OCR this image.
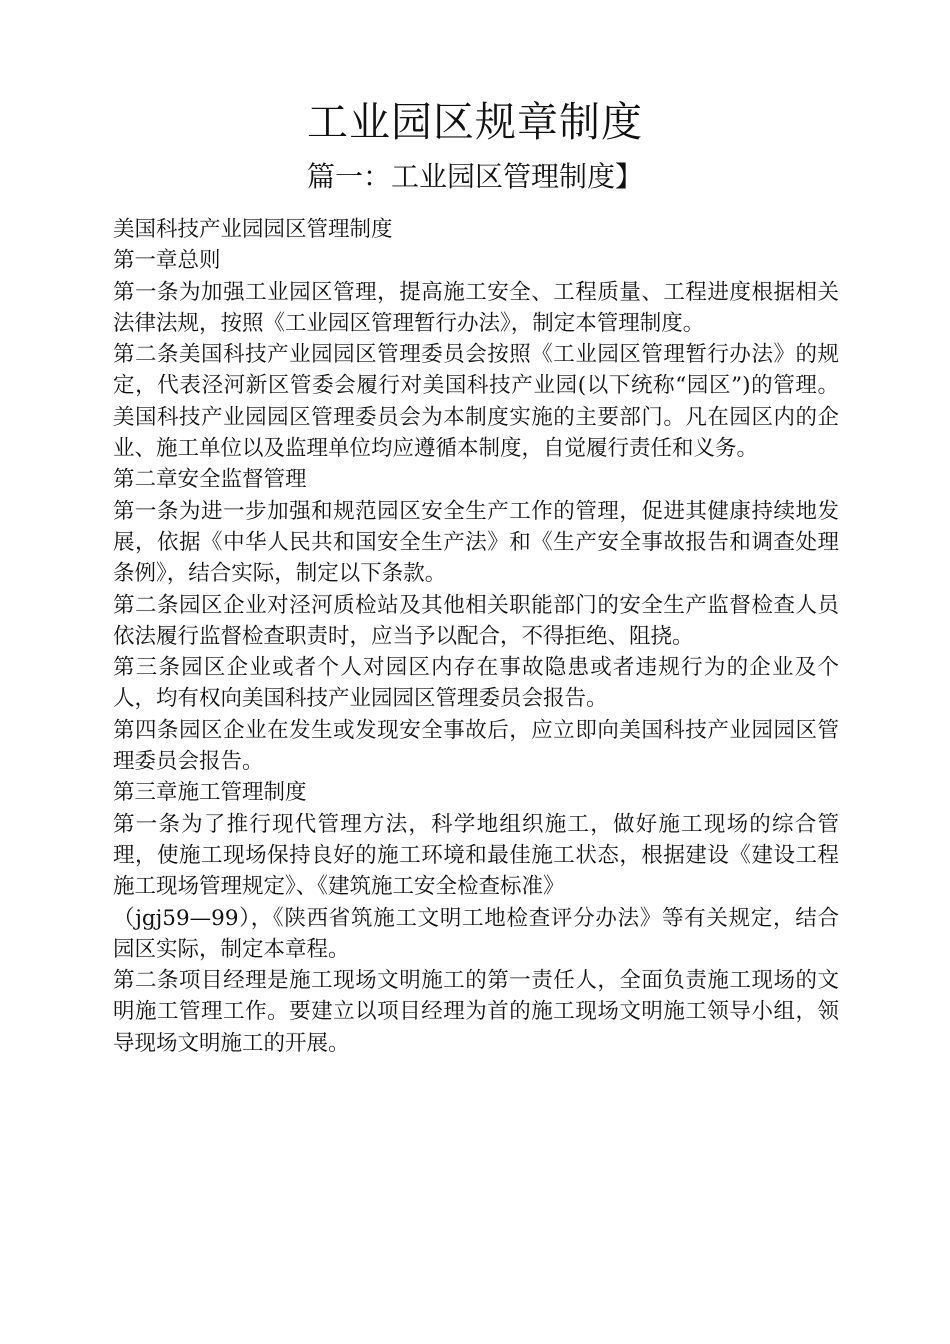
工业园区规章制度
篇一：工业园区管理制度】

美国科技产业园园区管理制度

第一章总则

第一条为加强工业园区管理，提高施工安全、工程质量、工程进度根据相关法律法规，按照《工业园区管理暂行办法》，制定本管理制度。

第二条美国科技产业园园区管理委员会按照《工业园区管理暂行办法》的规定，代表泾河新区管委会履行对美国科技产业园(以下统称“园区”)的管理。美国科技产业园园区管理委员会为本制度实施的主要部门。凡在园区内的企业、施工单位以及监理单位均应遵循本制度，自觉履行责任和义务。

第二章安全监督管理

第一条为进一步加强和规范园区安全生产工作的管理，促进其健康持续地发展，依据《中华人民共和国安全生产法》和《生产安全事故报告和调查处理条例》，结合实际，制定以下条款。

第二条园区企业对泾河质检站及其他相关职能部门的安全生产监督检查人员依法履行监督检查职责时，应当予以配合，不得拒绝、阻挠。

第三条园区企业或者个人对园区内存在事故隐患或者违规行为的企业及个人，均有权向美国科技产业园园区管理委员会报告。

第四条园区企业在发生或发现安全事故后，应立即向美国科技产业园园区管理委员会报告。

第三章施工管理制度

第一条为了推行现代管理方法，科学地组织施工，做好施工现场的综合管理，使施工现场保持良好的施工环境和最佳施工状态，根据建设《建设工程施工现场管理规定》、《建筑施工安全检查标准》

（jgj59—99），《陕西省筑施工文明工地检查评分办法》等有关规定，结合园区实际，制定本章程。

第二条项目经理是施工现场文明施工的第一责任人，全面负责施工现场的文明施工管理工作。要建立以项目经理为首的施工现场文明施工领导小组，领导现场文明施工的开展。
